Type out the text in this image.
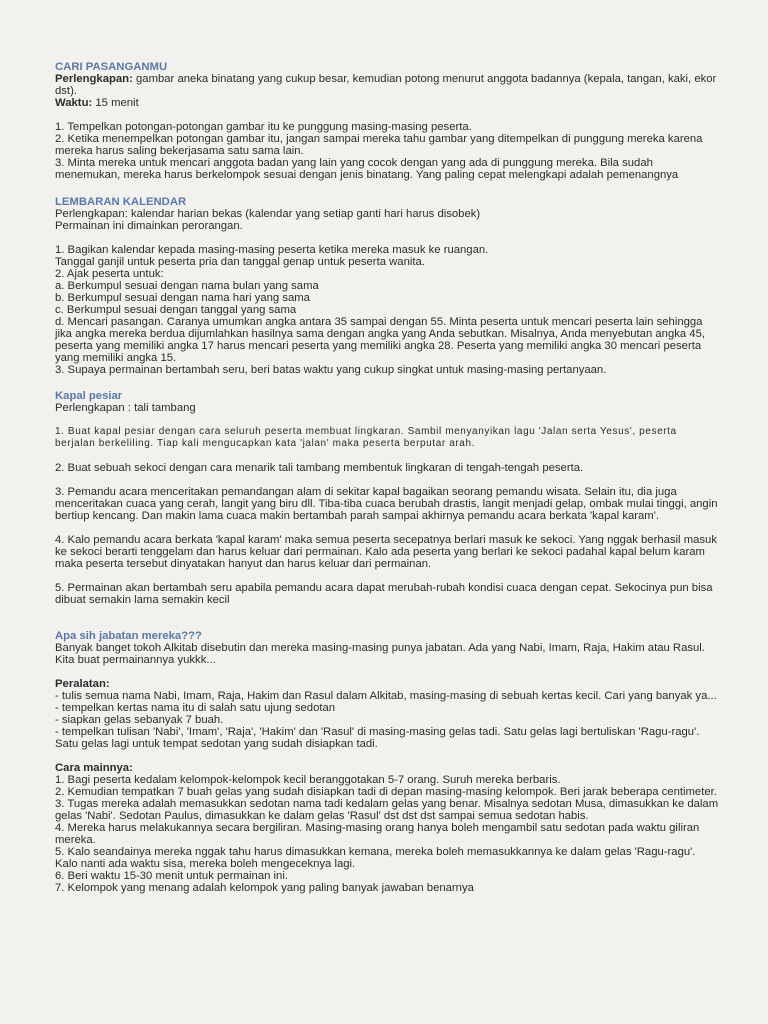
CARI PASANGANMU
Perlengkapan: gambar aneka binatang yang cukup besar, kemudian potong menurut anggota badannya (kepala, tangan, kaki, ekor dst).
Waktu: 15 menit
1. Tempelkan potongan-potongan gambar itu ke punggung masing-masing peserta.
2. Ketika menempelkan potongan gambar itu, jangan sampai mereka tahu gambar yang ditempelkan di punggung mereka karena mereka harus saling bekerjasama satu sama lain.
3. Minta mereka untuk mencari anggota badan yang lain yang cocok dengan yang ada di punggung mereka. Bila sudah menemukan, mereka harus berkelompok sesuai dengan jenis binatang. Yang paling cepat melengkapi adalah pemenangnya
LEMBARAN KALENDAR
Perlengkapan: kalendar harian bekas (kalendar yang setiap ganti hari harus disobek)
Permainan ini dimainkan perorangan.
1. Bagikan kalendar kepada masing-masing peserta ketika mereka masuk ke ruangan.
Tanggal ganjil untuk peserta pria dan tanggal genap untuk peserta wanita.
2. Ajak peserta untuk:
a. Berkumpul sesuai dengan nama bulan yang sama
b. Berkumpul sesuai dengan nama hari yang sama
c. Berkumpul sesuai dengan tanggal yang sama
d. Mencari pasangan. Caranya umumkan angka antara 35 sampai dengan 55. Minta peserta untuk mencari peserta lain sehingga jika angka mereka berdua dijumlahkan hasilnya sama dengan angka yang Anda sebutkan. Misalnya, Anda menyebutan angka 45, peserta yang memiliki angka 17 harus mencari peserta yang memiliki angka 28. Peserta yang memiliki angka 30 mencari peserta yang memiliki angka 15.
3. Supaya permainan bertambah seru, beri batas waktu yang cukup singkat untuk masing-masing pertanyaan.
Kapal pesiar
Perlengkapan : tali tambang
1. Buat kapal pesiar dengan cara seluruh peserta membuat lingkaran. Sambil menyanyikan lagu 'Jalan serta Yesus', peserta berjalan berkeliling. Tiap kali mengucapkan kata 'jalan' maka peserta berputar arah.
2. Buat sebuah sekoci dengan cara menarik tali tambang membentuk lingkaran di tengah-tengah peserta.
3. Pemandu acara menceritakan pemandangan alam di sekitar kapal bagaikan seorang pemandu wisata. Selain itu, dia juga menceritakan cuaca yang cerah, langit yang biru dll. Tiba-tiba cuaca berubah drastis, langit menjadi gelap, ombak mulai tinggi, angin bertiup kencang. Dan makin lama cuaca makin bertambah parah sampai akhirnya pemandu acara berkata 'kapal karam'.
4. Kalo pemandu acara berkata 'kapal karam' maka semua peserta secepatnya berlari masuk ke sekoci. Yang nggak berhasil masuk ke sekoci berarti tenggelam dan harus keluar dari permainan. Kalo ada peserta yang berlari ke sekoci padahal kapal belum karam maka peserta tersebut dinyatakan hanyut dan harus keluar dari permainan.
5. Permainan akan bertambah seru apabila pemandu acara dapat merubah-rubah kondisi cuaca dengan cepat. Sekocinya pun bisa dibuat semakin lama semakin kecil
Apa sih jabatan mereka???
Banyak banget tokoh Alkitab disebutin dan mereka masing-masing punya jabatan. Ada yang Nabi, Imam, Raja, Hakim atau Rasul. Kita buat permainannya yukkk...
Peralatan:
- tulis semua nama Nabi, Imam, Raja, Hakim dan Rasul dalam Alkitab, masing-masing di sebuah kertas kecil. Cari yang banyak ya...
- tempelkan kertas nama itu di salah satu ujung sedotan
- siapkan gelas sebanyak 7 buah.
- tempelkan tulisan 'Nabi', 'Imam', 'Raja', 'Hakim' dan 'Rasul' di masing-masing gelas tadi. Satu gelas lagi bertuliskan 'Ragu-ragu'. Satu gelas lagi untuk tempat sedotan yang sudah disiapkan tadi.
Cara mainnya:
1. Bagi peserta kedalam kelompok-kelompok kecil beranggotakan 5-7 orang. Suruh mereka berbaris.
2. Kemudian tempatkan 7 buah gelas yang sudah disiapkan tadi di depan masing-masing kelompok. Beri jarak beberapa centimeter.
3. Tugas mereka adalah memasukkan sedotan nama tadi kedalam gelas yang benar. Misalnya sedotan Musa, dimasukkan ke dalam gelas 'Nabi'. Sedotan Paulus, dimasukkan ke dalam gelas 'Rasul' dst dst dst sampai semua sedotan habis.
4. Mereka harus melakukannya secara bergiliran. Masing-masing orang hanya boleh mengambil satu sedotan pada waktu giliran mereka.
5. Kalo seandainya mereka nggak tahu harus dimasukkan kemana, mereka boleh memasukkannya ke dalam gelas 'Ragu-ragu'. Kalo nanti ada waktu sisa, mereka boleh mengeceknya lagi.
6. Beri waktu 15-30 menit untuk permainan ini.
7. Kelompok yang menang adalah kelompok yang paling banyak jawaban benarnya
